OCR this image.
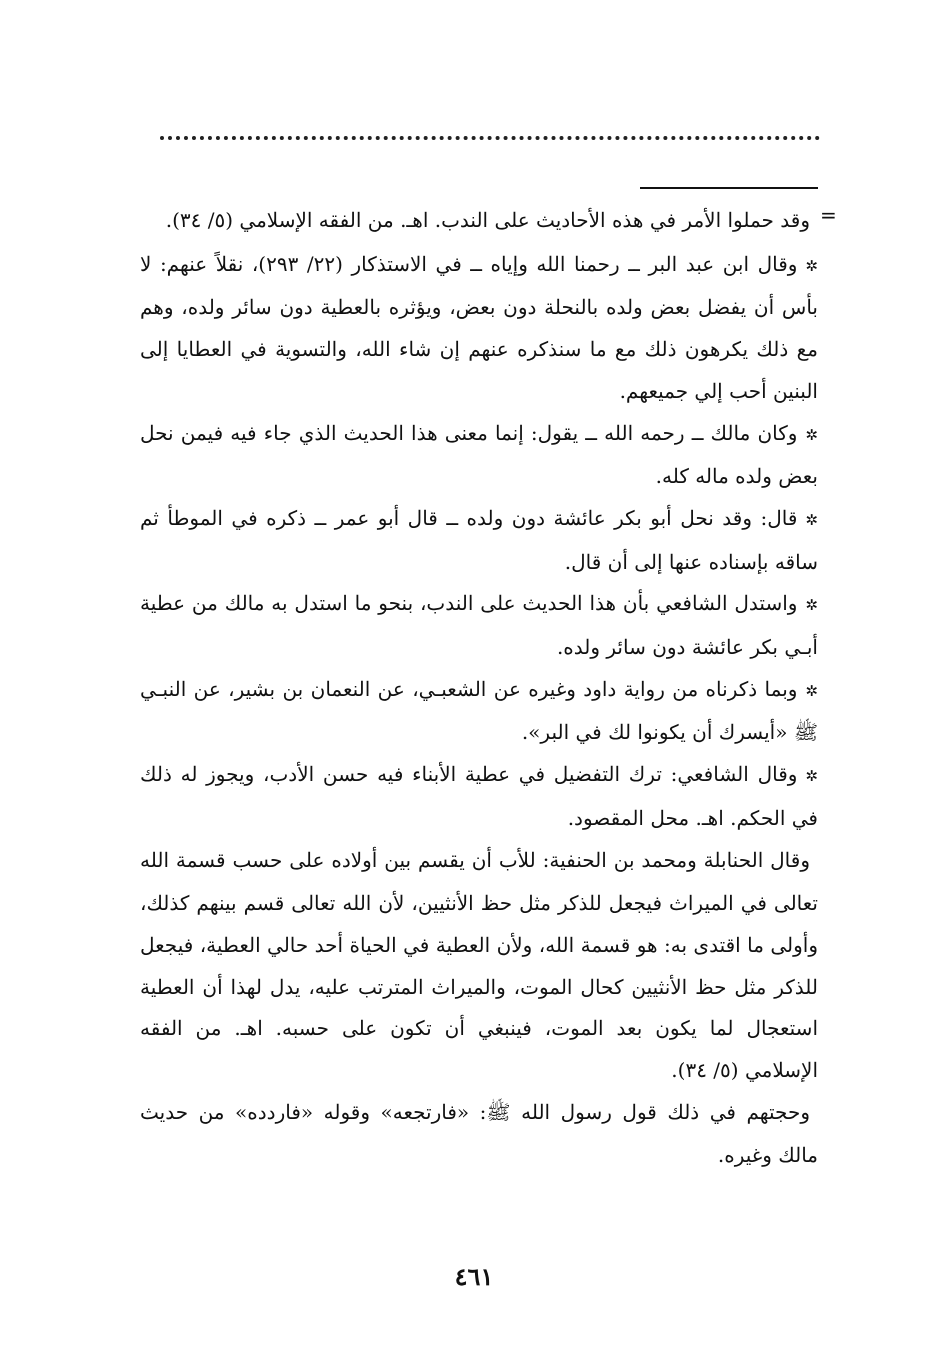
=

وقد حملوا الأمر في هذه الأحاديث على الندب. اهـ. من الفقه الإسلامي (٥/ ٣٤).

✲وقال ابن عبد البر ــ رحمنا الله وإياه ــ في الاستذكار (٢٢/ ٢٩٣)، نقلاً عنهم: لا بأس أن يفضل بعض ولده بالنحلة دون بعض، ويؤثره بالعطية دون سائر ولده، وهم مع ذلك يكرهون ذلك مع ما سنذكره عنهم إن شاء الله، والتسوية في العطايا إلى البنين أحب إلي جميعهم.

✲وكان مالك ــ رحمه الله ــ يقول: إنما معنى هذا الحديث الذي جاء فيه فيمن نحل بعض ولده ماله كله.

✲قال: وقد نحل أبو بكر عائشة دون ولده ــ قال أبو عمر ــ ذكره في الموطأ ثم ساقه بإسناده عنها إلى أن قال.

✲واستدل الشافعي بأن هذا الحديث على الندب، بنحو ما استدل به مالك من عطية أبـي بكر عائشة دون سائر ولده.

✲وبما ذكرناه من رواية داود وغيره عن الشعبـي، عن النعمان بن بشير، عن النبـي ﷺ «أيسرك أن يكونوا لك في البر».

✲وقال الشافعي: ترك التفضيل في عطية الأبناء فيه حسن الأدب، ويجوز له ذلك في الحكم. اهـ. محل المقصود.

وقال الحنابلة ومحمد بن الحنفية: للأب أن يقسم بين أولاده على حسب قسمة الله تعالى في الميراث فيجعل للذكر مثل حظ الأنثيين، لأن الله تعالى قسم بينهم كذلك، وأولى ما اقتدى به: هو قسمة الله، ولأن العطية في الحياة أحد حالي العطية، فيجعل للذكر مثل حظ الأنثيين كحال الموت، والميراث المترتب عليه، يدل لهذا أن العطية استعجال لما يكون بعد الموت، فينبغي أن تكون على حسبه. اهـ. من الفقه الإسلامي (٥/ ٣٤).

وحجتهم في ذلك قول رسول الله ﷺ: «فارتجعه» وقوله «فاردده» من حديث مالك وغيره.

٤٦١
